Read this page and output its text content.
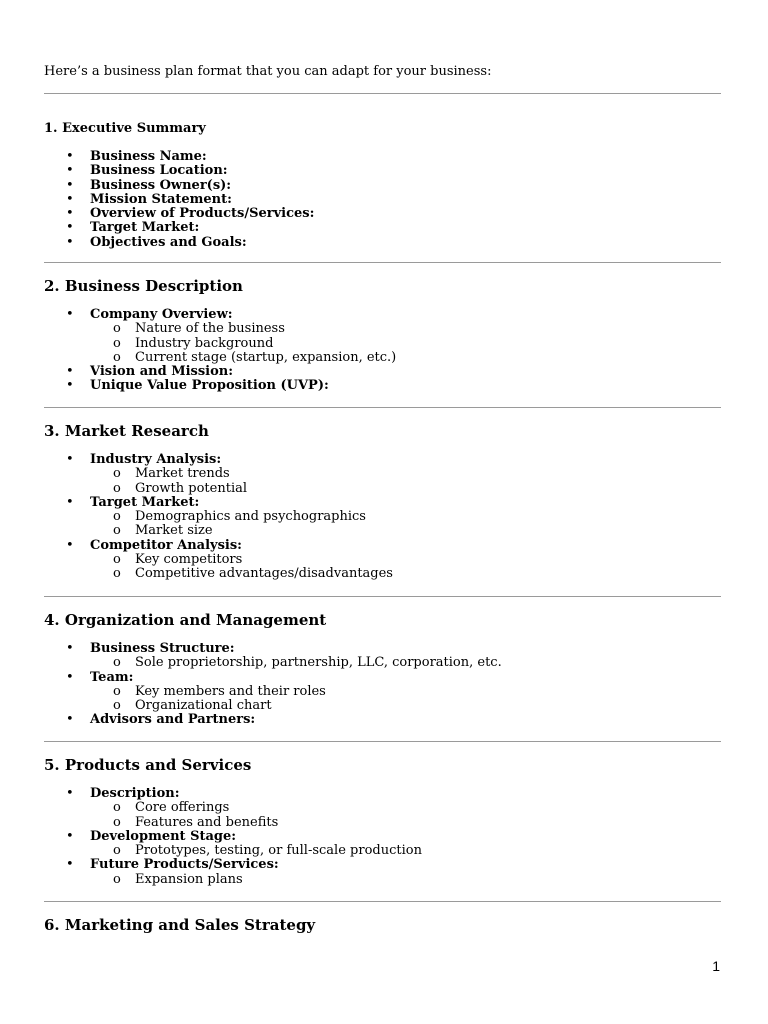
Here’s a business plan format that you can adapt for your business:
1. Executive Summary
•	Business Name:
•	Business Location:
•	Business Owner(s):
•	Mission Statement:
•	Overview of Products/Services:
•	Target Market:
•	Objectives and Goals:
2. Business Description
•	Company Overview:
o	Nature of the business
o	Industry background
o	Current stage (startup, expansion, etc.)
•	Vision and Mission:
•	Unique Value Proposition (UVP):
3. Market Research
•	Industry Analysis:
o	Market trends
o	Growth potential
•	Target Market:
o	Demographics and psychographics
o	Market size
•	Competitor Analysis:
o	Key competitors
o	Competitive advantages/disadvantages
4. Organization and Management
•	Business Structure:
o	Sole proprietorship, partnership, LLC, corporation, etc.
•	Team:
o	Key members and their roles
o	Organizational chart
•	Advisors and Partners:
5. Products and Services
•	Description:
o	Core offerings
o	Features and benefits
•	Development Stage:
o	Prototypes, testing, or full-scale production
•	Future Products/Services:
o	Expansion plans
6. Marketing and Sales Strategy
1
